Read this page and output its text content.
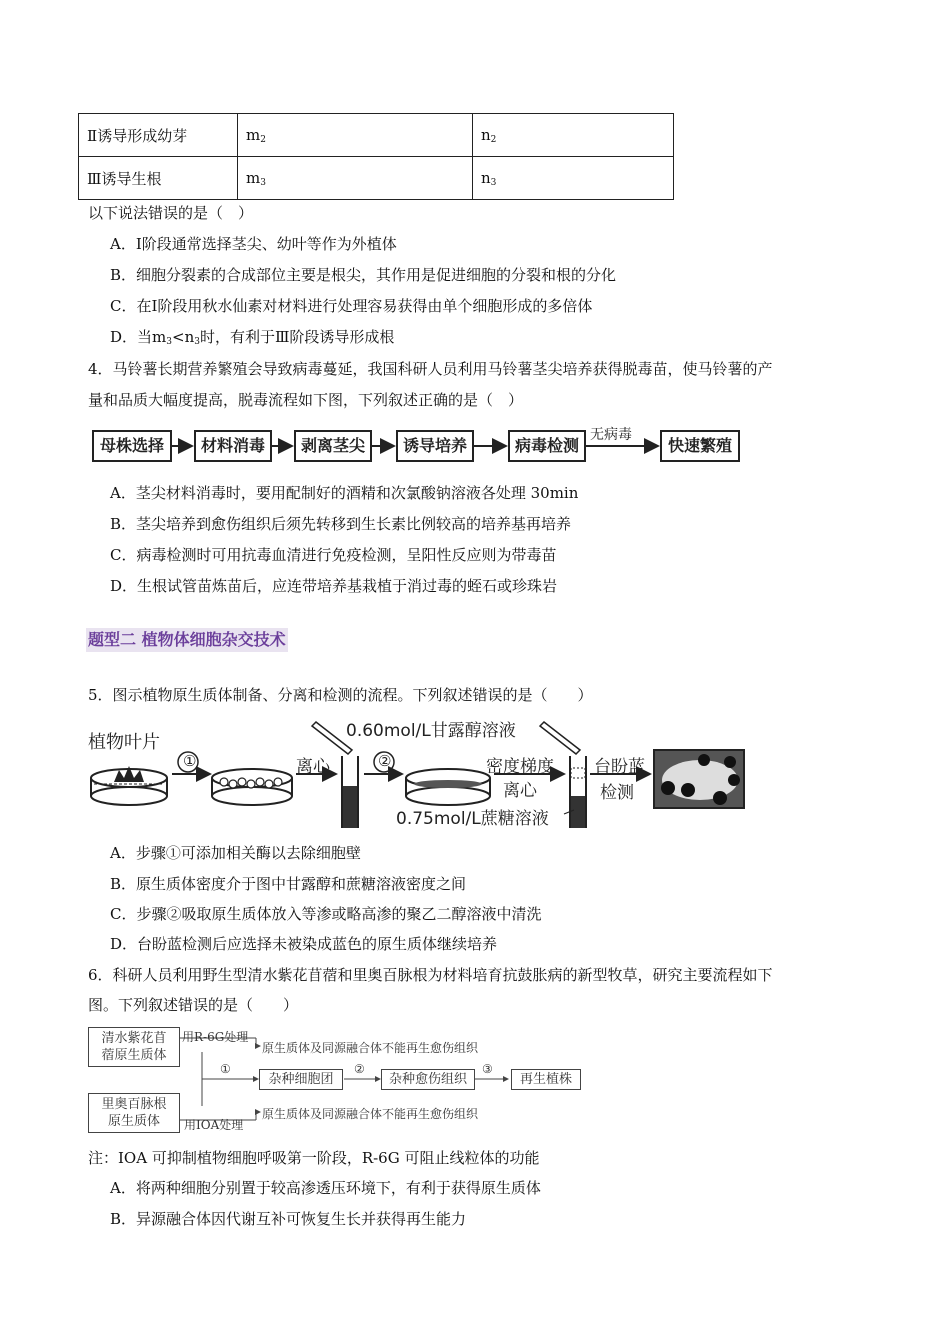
Ⅱ诱导形成幼芽	$m_2$	$n_2$
Ⅲ诱导生根	$m_3$	$n_3$
以下说法错误的是（　）
A．Ⅰ阶段通常选择茎尖、幼叶等作为外植体
B．细胞分裂素的合成部位主要是根尖，其作用是促进细胞的分裂和根的分化
C．在Ⅰ阶段用秋水仙素对材料进行处理容易获得由单个细胞形成的多倍体
D．当$m_3<n_3$时，有利于Ⅲ阶段诱导形成根
4．马铃薯长期营养繁殖会导致病毒蔓延，我国科研人员利用马铃薯茎尖培养获得脱毒苗，使马铃薯的产
量和品质大幅度提高，脱毒流程如下图，下列叙述正确的是（　）
母株选择	材料消毒	剥离茎尖	诱导培养	病毒检测	快速繁殖
无病毒
A．茎尖材料消毒时，要用配制好的酒精和次氯酸钠溶液各处理 30min
B．茎尖培养到愈伤组织后须先转移到生长素比例较高的培养基再培养
C．病毒检测时可用抗毒血清进行免疫检测，呈阳性反应则为带毒苗
D．生根试管苗炼苗后，应连带培养基栽植于消过毒的蛭石或珍珠岩
题型二 植物体细胞杂交技术
5．图示植物原生质体制备、分离和检测的流程。下列叙述错误的是（　　）
植物叶片
①	离心	②
0.60mol/L甘露醇溶液
0.75mol/L蔗糖溶液
密度梯度
离心
台盼蓝
检测
A．步骤①可添加相关酶以去除细胞壁
B．原生质体密度介于图中甘露醇和蔗糖溶液密度之间
C．步骤②吸取原生质体放入等渗或略高渗的聚乙二醇溶液中清洗
D．台盼蓝检测后应选择未被染成蓝色的原生质体继续培养
6．科研人员利用野生型清水紫花苜蓿和里奥百脉根为材料培育抗鼓胀病的新型牧草，研究主要流程如下
图。下列叙述错误的是（　　）
清水紫花苜
蓿原生质体
里奥百脉根
原生质体
用R-6G处理
用IOA处理
原生质体及同源融合体不能再生愈伤组织
原生质体及同源融合体不能再生愈伤组织
①	②	③
杂种细胞团	杂种愈伤组织	再生植株
注：IOA 可抑制植物细胞呼吸第一阶段，R-6G 可阻止线粒体的功能
A．将两种细胞分别置于较高渗透压环境下，有利于获得原生质体
B．异源融合体因代谢互补可恢复生长并获得再生能力
